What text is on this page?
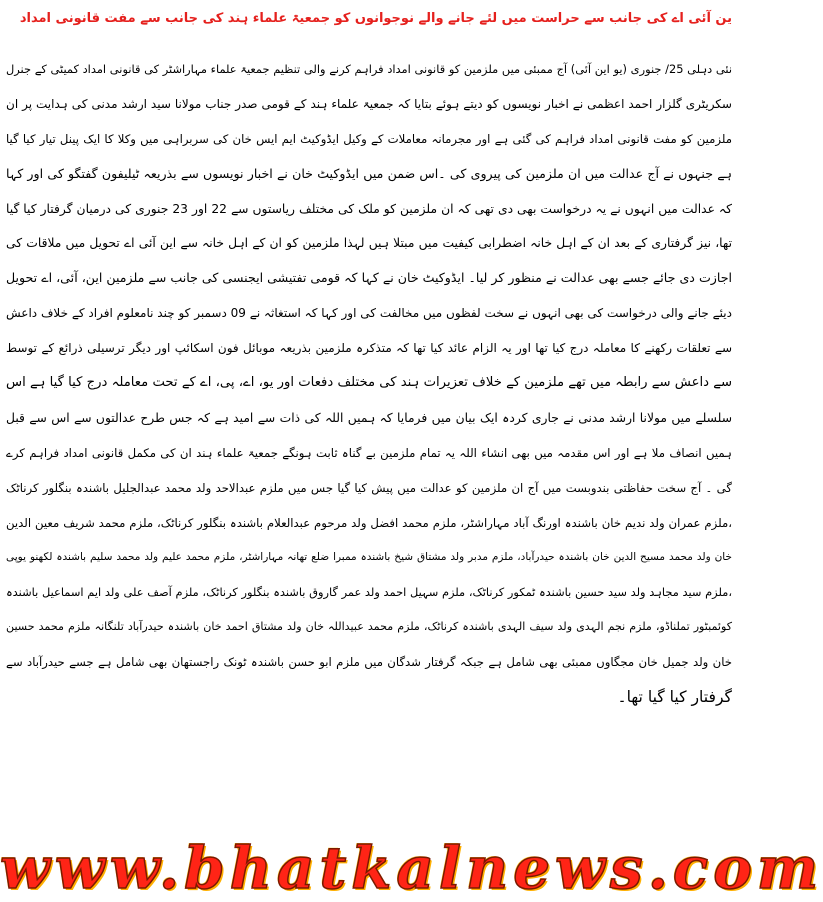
ین آئی اے کی جانب سے حراست میں لئے جانے والے نوجوانوں کو جمعیۃ علماء ہند کی جانب سے مفت قانونی امداد
نئی دہلی 25/ جنوری (یو این آئی) آج ممبئی میں ملزمین کو قانونی امداد فراہم کرنے والی تنظیم جمعیۃ علماء مہاراشٹر کی قانونی امداد کمیٹی کے جنرل
سکریٹری گلزار احمد اعظمی نے اخبار نویسوں کو دیتے ہوئے بتایا کہ جمعیۃ علماء ہند کے قومی صدر جناب مولانا سید ارشد مدنی کی ہدایت پر ان
ملزمین کو مفت قانونی امداد فراہم کی گئی ہے اور مجرمانہ معاملات کے وکیل ایڈوکیٹ ایم ایس خان کی سربراہی میں وکلا کا ایک پینل تیار کیا گیا
ہے جنہوں نے آج عدالت میں ان ملزمین کی پیروی کی ۔اس ضمن میں ایڈوکیٹ خان نے اخبار نویسوں سے بذریعہ ٹیلیفون گفتگو کی اور کہا
کہ عدالت میں انہوں نے یہ درخواست بھی دی تھی کہ ان ملزمین کو ملک کی مختلف ریاستوں سے 22 اور 23 جنوری کی درمیان گرفتار کیا گیا
تھا، نیز گرفتاری کے بعد ان کے اہل خانہ اضطرابی کیفیت میں مبتلا ہیں لہذا ملزمین کو ان کے اہل خانہ سے این آئی اے تحویل میں ملاقات کی
اجازت دی جائے جسے بھی عدالت نے منظور کر لیا۔ ایڈوکیٹ خان نے کہا کہ قومی تفتیشی ایجنسی کی جانب سے ملزمین این، آئی، اے تحویل
دیئے جانے والی درخواست کی بھی انہوں نے سخت لفظوں میں مخالفت کی اور کہا کہ استغاثہ نے 09 دسمبر کو چند نامعلوم افراد کے خلاف داعش
سے تعلقات رکھنے کا معاملہ درج کیا تھا اور یہ الزام عائد کیا تھا کہ متذکرہ ملزمین بذریعہ موبائل فون اسکائپ اور دیگر ترسیلی ذرائع کے توسط
سے داعش سے رابطہ میں تھے ملزمین کے خلاف تعزیرات ہند کی مختلف دفعات اور یو، اے، پی، اے کے تحت معاملہ درج کیا گیا ہے اس
سلسلے میں مولانا ارشد مدنی نے جاری کردہ ایک بیان میں فرمایا کہ ہمیں اللہ کی ذات سے امید ہے کہ جس طرح عدالتوں سے اس سے قبل
ہمیں انصاف ملا ہے اور اس مقدمہ میں بھی انشاء اللہ یہ تمام ملزمین بے گناہ ثابت ہونگے جمعیۃ علماء ہند ان کی مکمل قانونی امداد فراہم کرے
گی ۔ آج سخت حفاظتی بندوبست میں آج ان ملزمین کو عدالت میں پیش کیا گیا جس میں ملزم عبدالاحد ولد محمد عبدالجلیل باشندہ بنگلور کرناٹک
،ملزم عمران ولد ندیم خان باشندہ اورنگ آباد مہاراشٹر، ملزم محمد افضل ولد مرحوم عبدالعلام باشندہ بنگلور کرناٹک، ملزم محمد شریف معین الدین
خان ولد محمد مسیح الدین خان باشندہ حیدرآباد، ملزم مدبر ولد مشتاق شیخ باشندہ ممبرا ضلع تھانہ مہاراشٹر، ملزم محمد علیم ولد محمد سلیم باشندہ لکھنو یوپی
،ملزم سید مجاہد ولد سید حسین باشندہ ٹمکور کرناٹک، ملزم سہیل احمد ولد عمر گاروق باشندہ بنگلور کرناٹک، ملزم آصف علی ولد ایم اسماعیل باشندہ
کوئمبٹور تملناڈو، ملزم نجم الہدی ولد سیف الہدی باشندہ کرناٹک، ملزم محمد عبیداللہ خان ولد مشتاق احمد خان باشندہ حیدرآباد تلنگانہ ملزم محمد حسین
خان ولد جمیل خان مجگاوں ممبئی بھی شامل ہے جبکہ گرفتار شدگان میں ملزم ابو حسن باشندہ ٹونک راجستھان بھی شامل ہے جسے حیدرآباد سے
گرفتار کیا گیا تھا۔
www.bhatkalnews.com
